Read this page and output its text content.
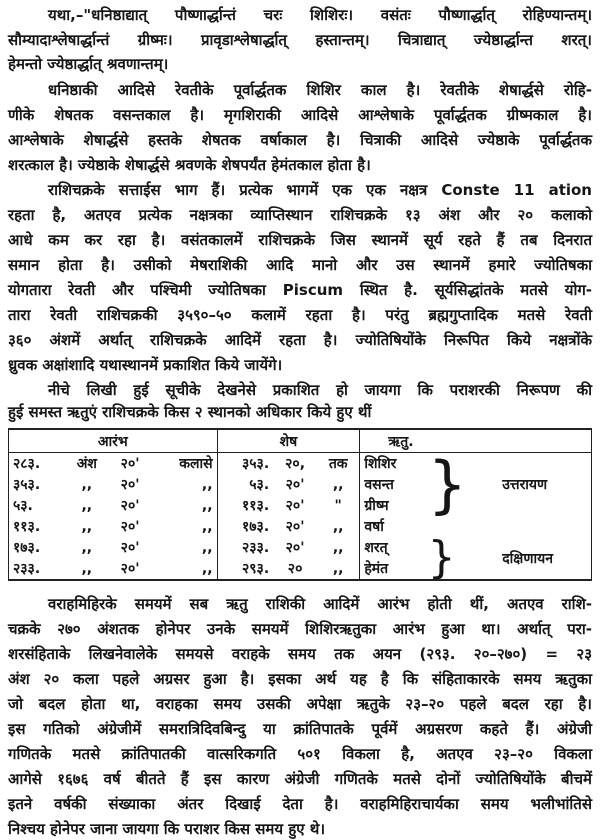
यथा,–"धनिष्ठाद्यात् पौष्णार्द्धान्तं चरः शिशिरः। वसंतः पौष्णार्द्धात् रोहिण्यान्तम्।
सौम्यादाश्लेषार्द्धान्तं ग्रीष्मः। प्रावृडाश्लेषार्द्धात् हस्तान्तम्। चित्राद्यात् ज्येष्ठार्द्धान्त शरत्।
हेमन्तो ज्येष्ठार्द्धात् श्रवणान्तम्।
धनिष्ठाकी आदिसे रेवतीके पूर्वार्द्धतक शिशिर काल है। रेवतीके शेषार्द्धसे रोहि-
णीके शेषतक वसन्तकाल है। मृगशिराकी आदिसे आश्लेषाके पूर्वार्द्धतक ग्रीष्मकाल है।
आश्लेषाके शेषार्द्धसे हस्तके शेषतक वर्षाकाल है। चित्राकी आदिसे ज्येष्ठाके पूर्वार्द्धतक
शरत्काल है। ज्येष्ठाके शेषार्द्धसे श्रवणके शेषपर्यंत हेमंतकाल होता है।
राशिचक्रके सत्ताईस भाग हैं। प्रत्येक भागमें एक एक नक्षत्र Conste 11 ation
रहता है, अतएव प्रत्येक नक्षत्रका व्याप्तिस्थान राशिचक्रके १३ अंश और २० कलाको
आधे कम कर रहा है। वसंतकालमें राशिचक्रके जिस स्थानमें सूर्य रहते हैं तब दिनरात
समान होता है। उसीको मेषराशिकी आदि मानो और उस स्थानमें हमारे ज्योतिषका
योगतारा रेवती और पश्चिमी ज्योतिषका Piscum स्थित है. सूर्यसिद्धांतके मतसे योग-
तारा रेवती राशिचक्रकी ३५९०–५० कलामें रहता है। परंतु ब्रह्मगुप्तादिक मतसे रेवती
३६० अंशमें अर्थात् राशिचक्रके आदिमें रहता है। ज्योतिषियोंके निरूपित किये नक्षत्रोंके
ध्रुवक अक्षांशादि यथास्थानमें प्रकाशित किये जायेंगे।
नीचे लिखी हुई सूचीके देखनेसे प्रकाशित हो जायगा कि पराशरकी निरूपण की
हुई समस्त ऋतुएं राशिचक्रके किस २ स्थानको अधिकार किये हुए थीं
वराहमिहिरके समयमें सब ऋतु राशिकी आदिमें आरंभ होती थीं, अतएव राशि-
चक्रके २७० अंशतक होनेपर उनके समयमें शिशिरऋतुका आरंभ हुआ था। अर्थात् परा-
शरसंहिताके लिखनेवालेके समयसे वराहके समय तक अयन (२९३. २०–२७०) = २३
अंश २० कला पहले अग्रसर हुआ है। इसका अर्थ यह है कि संहिताकारके समय ऋतुका
जो बदल होता था, वराहका समय उसकी अपेक्षा ऋतुके २३–२० पहले बदल रहा है।
इस गतिको अंग्रेजीमें समरात्रिदिवबिन्दु या क्रांतिपातके पूर्वमें अग्रसरण कहते हैं। अंग्रेजी
गणितके मतसे क्रांतिपातकी वात्सरिकगति ५०१ विकला है, अतएव २३–२० विकला
आगेसे १६७६ वर्ष बीतते हैं इस कारण अंग्रेजी गणितके मतसे दोनों ज्योतिषियोंके बीचमें
इतने वर्षकी संख्याका अंतर दिखाई देता है। वराहमिहिराचार्यका समय भलीभांतिसे
निश्चय होनेपर जाना जायगा कि पराशर किस समय हुए थे।
आरंभ				शेष			ऋतु.		
२८३.	अंश	२०'	कलासे	३५३.	२०,	तक	शिशिर	}	उत्तरायण
३५३.	,,	२०'	,,	५३.	२०'	,,	वसन्त		
५३.	,,	२०'	,,	११३.	२०'	"	ग्रीष्म		
११३.	,,	२०'	,,	१७३.	२०'	,,	वर्षा		
१७३.	,,	२०'	,,	२३३.	२०'	,,	शरत्	}	दक्षिणायन
२३३.	,,	२०'	,,	२९३.	२०	,,	हेमंत		
